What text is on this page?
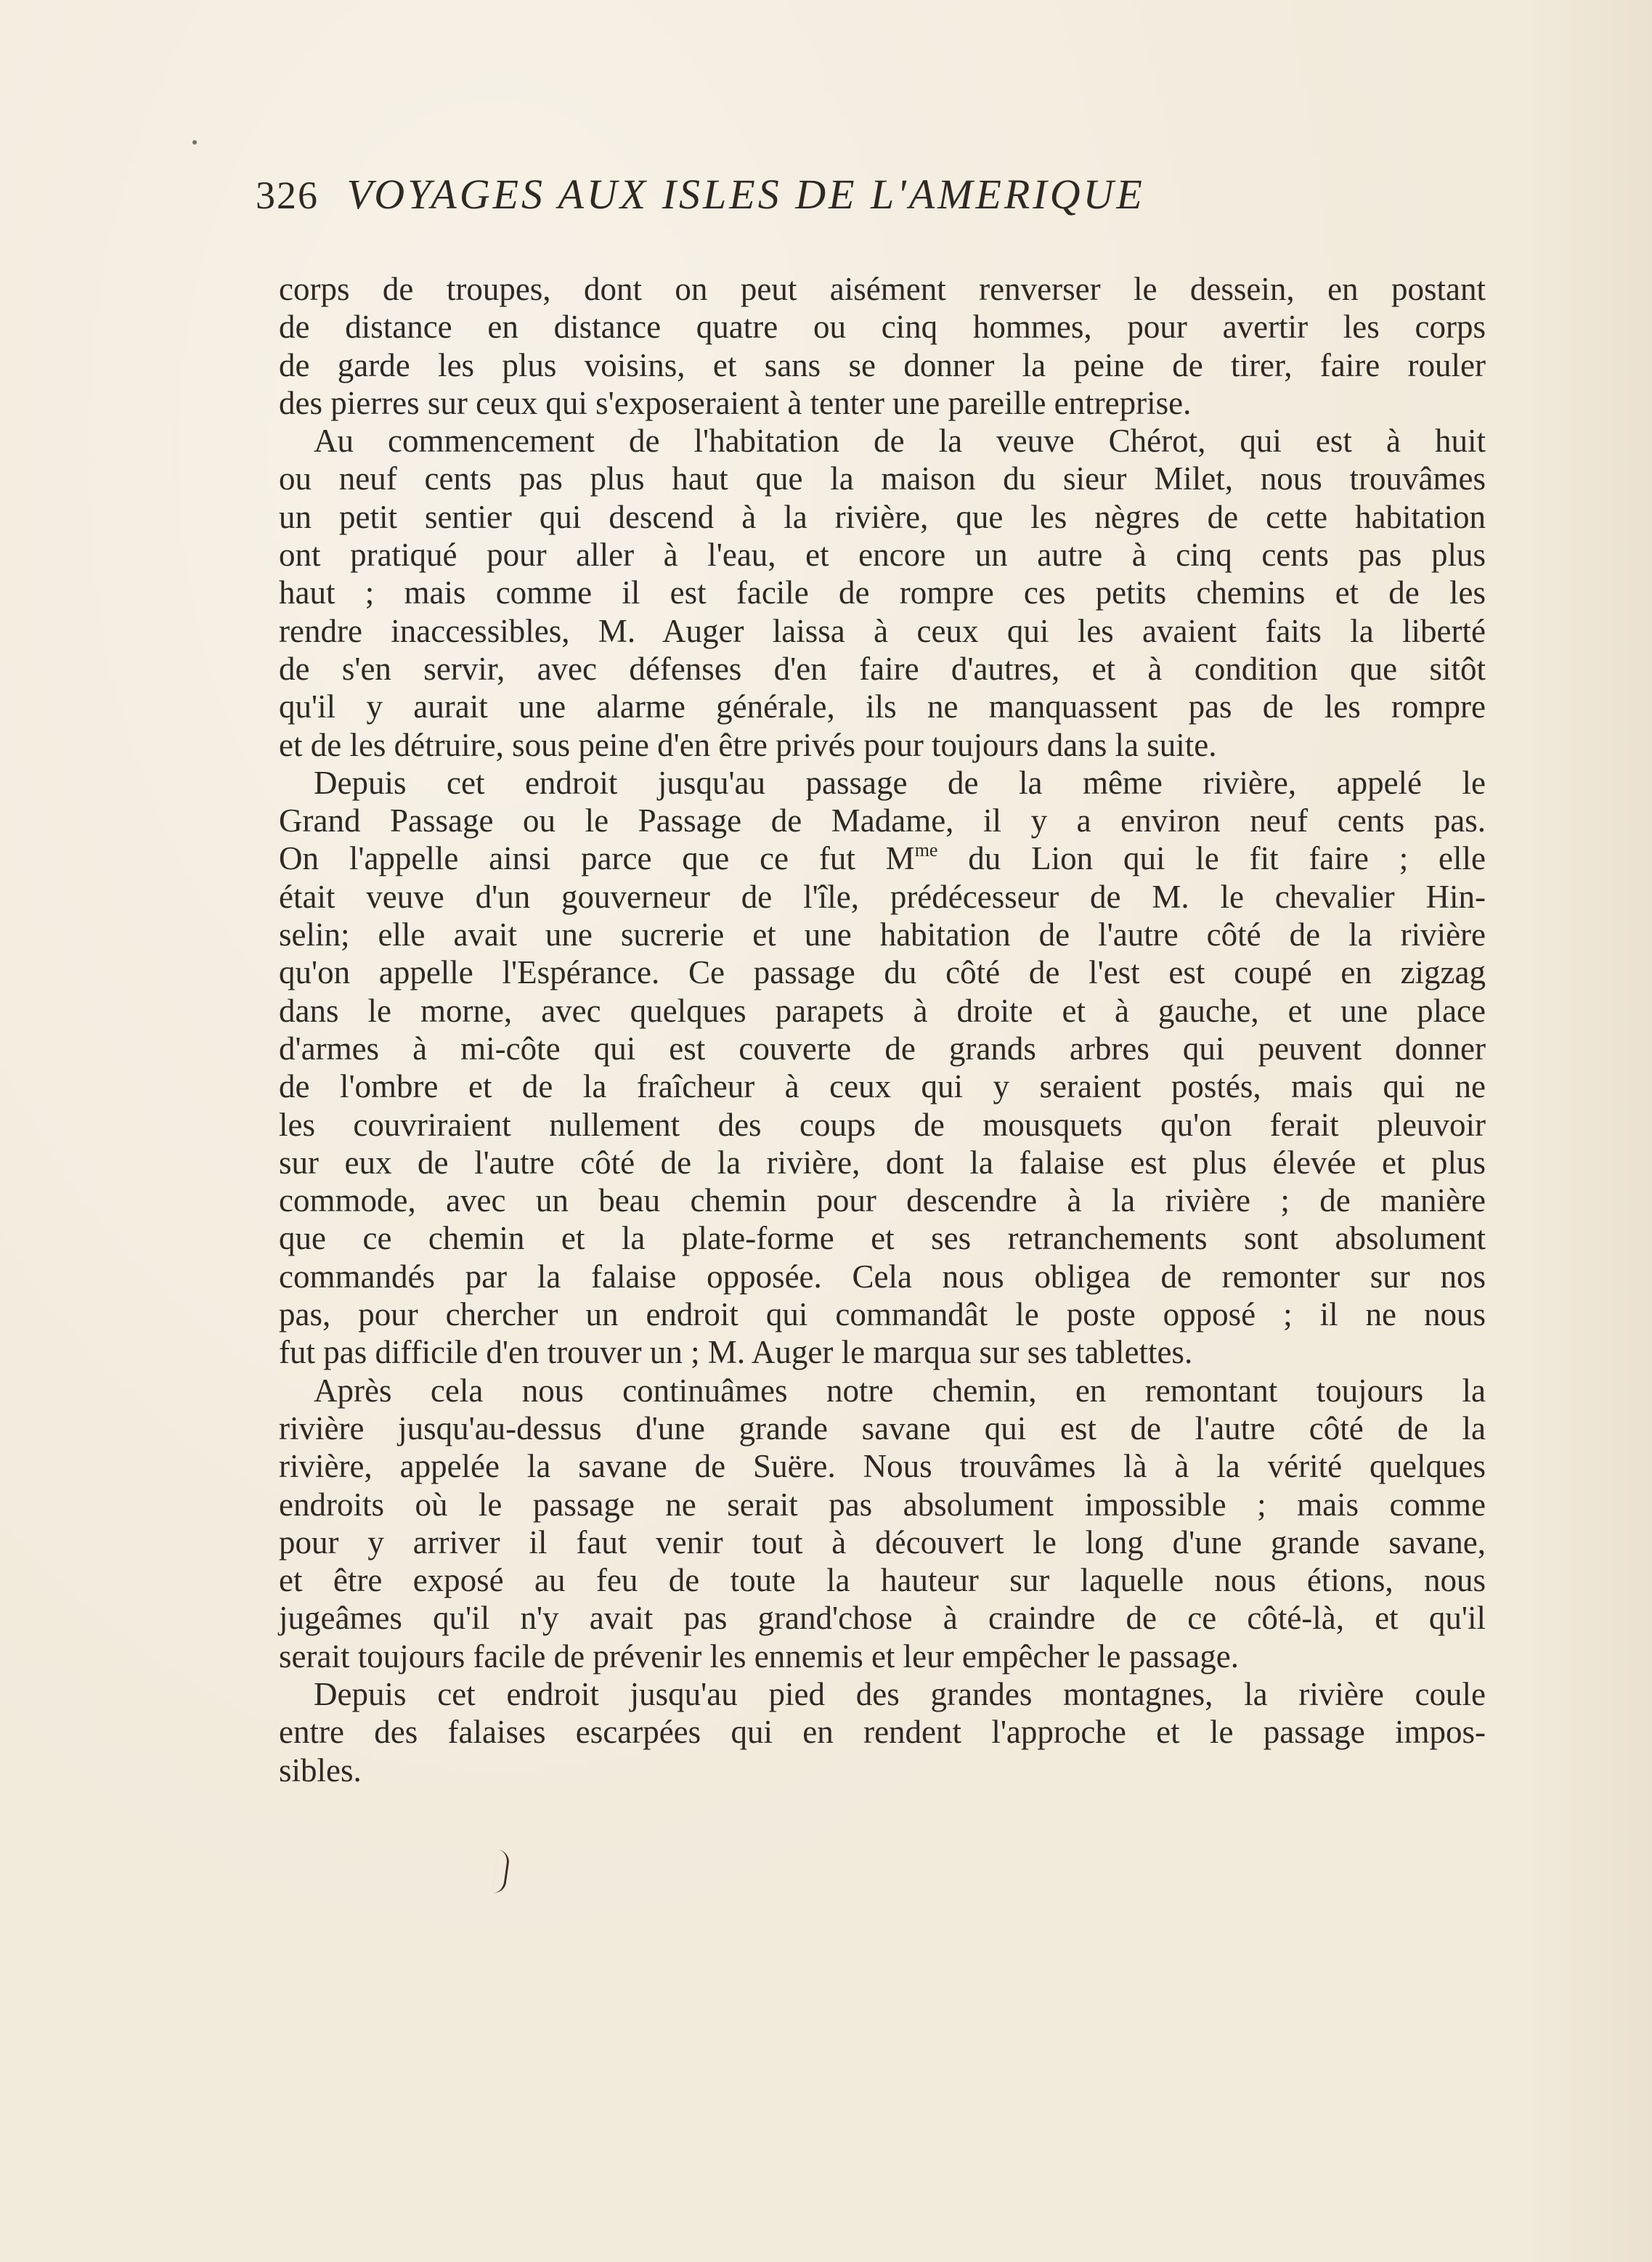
326 VOYAGES AUX ISLES DE L'AMERIQUE
corps de troupes, dont on peut aisément renverser le dessein, en postant
de distance en distance quatre ou cinq hommes, pour avertir les corps
de garde les plus voisins, et sans se donner la peine de tirer, faire rouler
des pierres sur ceux qui s'exposeraient à tenter une pareille entreprise.
Au commencement de l'habitation de la veuve Chérot, qui est à huit
ou neuf cents pas plus haut que la maison du sieur Milet, nous trouvâmes
un petit sentier qui descend à la rivière, que les nègres de cette habitation
ont pratiqué pour aller à l'eau, et encore un autre à cinq cents pas plus
haut ; mais comme il est facile de rompre ces petits chemins et de les
rendre inaccessibles, M. Auger laissa à ceux qui les avaient faits la liberté
de s'en servir, avec défenses d'en faire d'autres, et à condition que sitôt
qu'il y aurait une alarme générale, ils ne manquassent pas de les rompre
et de les détruire, sous peine d'en être privés pour toujours dans la suite.
Depuis cet endroit jusqu'au passage de la même rivière, appelé le
Grand Passage ou le Passage de Madame, il y a environ neuf cents pas.
On l'appelle ainsi parce que ce fut $M^{me}$ du Lion qui le fit faire ; elle
était veuve d'un gouverneur de l'île, prédécesseur de M. le chevalier Hin-
selin; elle avait une sucrerie et une habitation de l'autre côté de la rivière
qu'on appelle l'Espérance. Ce passage du côté de l'est est coupé en zigzag
dans le morne, avec quelques parapets à droite et à gauche, et une place
d'armes à mi-côte qui est couverte de grands arbres qui peuvent donner
de l'ombre et de la fraîcheur à ceux qui y seraient postés, mais qui ne
les couvriraient nullement des coups de mousquets qu'on ferait pleuvoir
sur eux de l'autre côté de la rivière, dont la falaise est plus élevée et plus
commode, avec un beau chemin pour descendre à la rivière ; de manière
que ce chemin et la plate-forme et ses retranchements sont absolument
commandés par la falaise opposée. Cela nous obligea de remonter sur nos
pas, pour chercher un endroit qui commandât le poste opposé ; il ne nous
fut pas difficile d'en trouver un ; M. Auger le marqua sur ses tablettes.
Après cela nous continuâmes notre chemin, en remontant toujours la
rivière jusqu'au-dessus d'une grande savane qui est de l'autre côté de la
rivière, appelée la savane de Suëre. Nous trouvâmes là à la vérité quelques
endroits où le passage ne serait pas absolument impossible ; mais comme
pour y arriver il faut venir tout à découvert le long d'une grande savane,
et être exposé au feu de toute la hauteur sur laquelle nous étions, nous
jugeâmes qu'il n'y avait pas grand'chose à craindre de ce côté-là, et qu'il
serait toujours facile de prévenir les ennemis et leur empêcher le passage.
Depuis cet endroit jusqu'au pied des grandes montagnes, la rivière coule
entre des falaises escarpées qui en rendent l'approche et le passage impos-
sibles.
